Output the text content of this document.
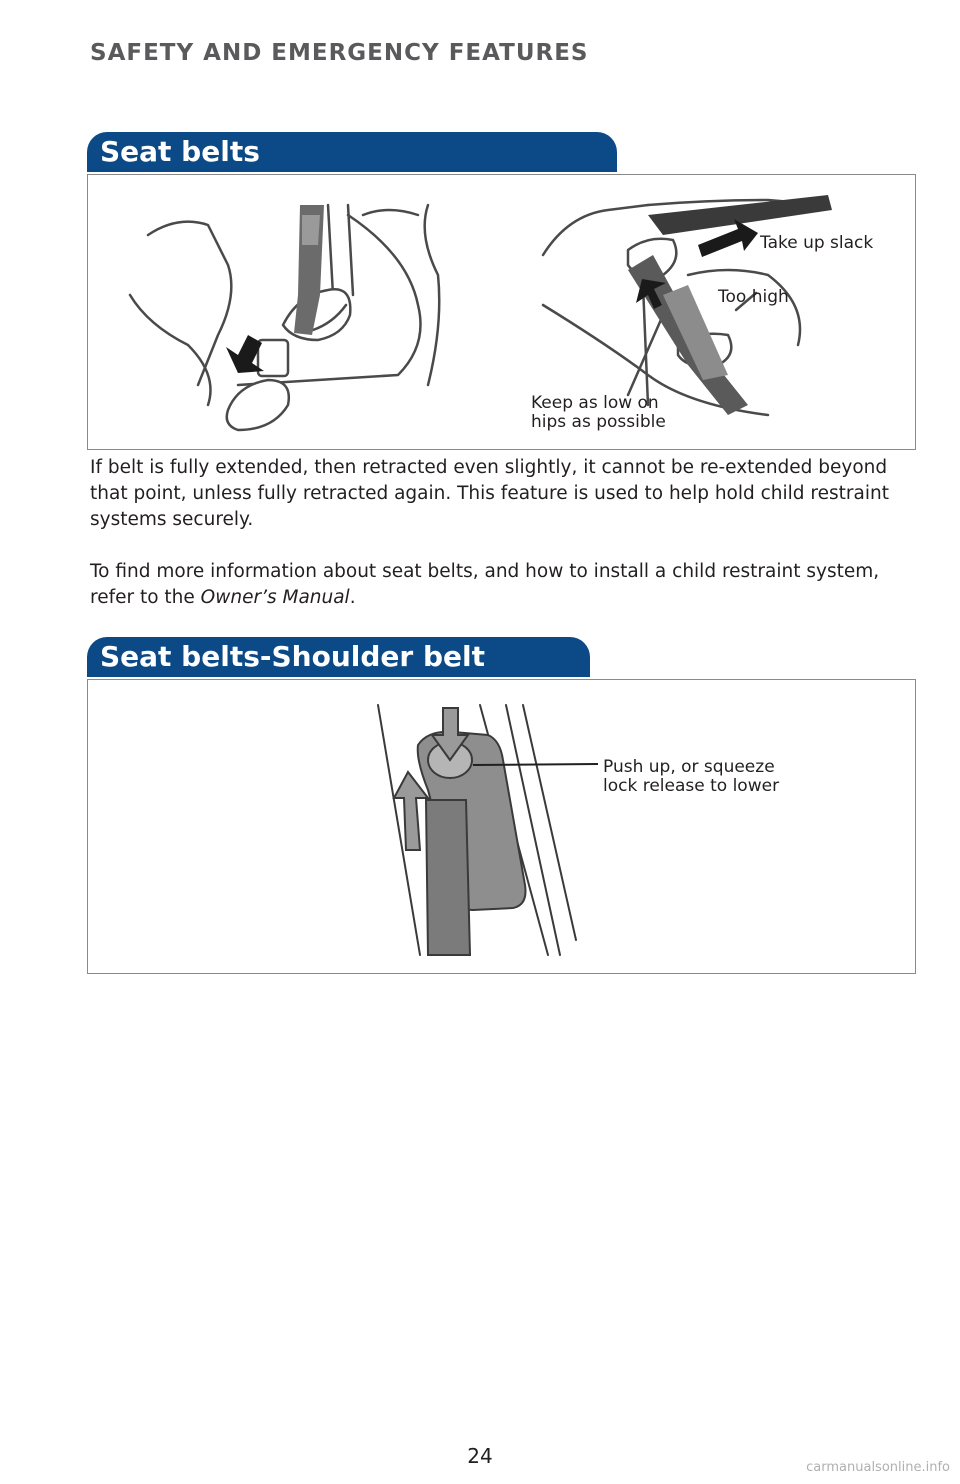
SAFETY AND EMERGENCY FEATURES
Seat belts
Take up slack
Too high
Keep as low on
hips as possible

If belt is fully extended, then retracted even slightly, it cannot be re-extended beyond that point, unless fully retracted again. This feature is used to help hold child restraint systems securely.

To find more information about seat belts, and how to install a child restraint system, refer to the Owner’s Manual.

Seat belts-Shoulder belt
Push up, or squeeze
lock release to lower
24	carmanualsonline.info
